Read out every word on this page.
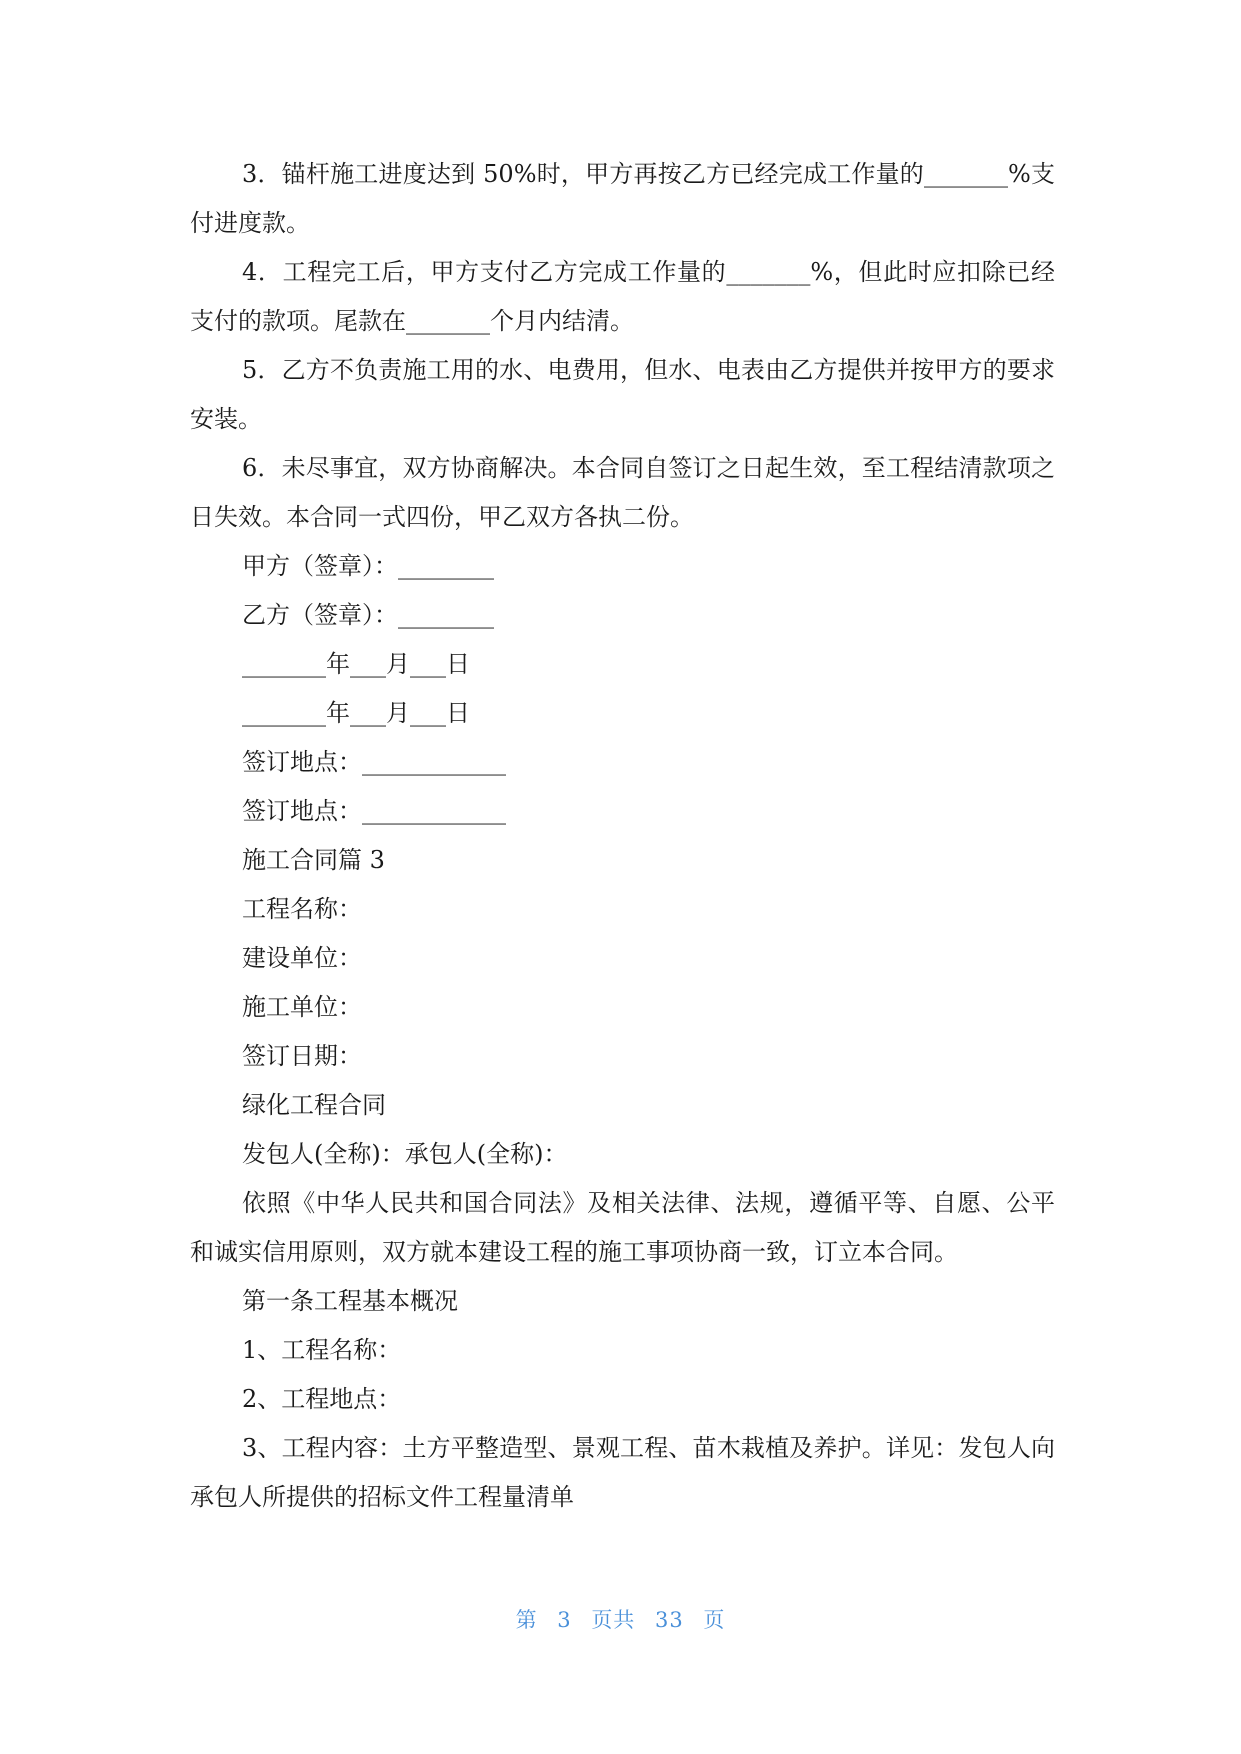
3．锚杆施工进度达到 50%时，甲方再按乙方已经完成工作量的_______%支付进度款。

4．工程完工后，甲方支付乙方完成工作量的_______%，但此时应扣除已经支付的款项。尾款在_______个月内结清。

5．乙方不负责施工用的水、电费用，但水、电表由乙方提供并按甲方的要求安装。

6．未尽事宜，双方协商解决。本合同自签订之日起生效，至工程结清款项之日失效。本合同一式四份，甲乙双方各执二份。

甲方（签章）：________

乙方（签章）：________

_______年___月___日

_______年___月___日

签订地点：____________

签订地点：____________

施工合同篇 3

工程名称：

建设单位：

施工单位：

签订日期：

绿化工程合同

发包人(全称)：承包人(全称)：

依照《中华人民共和国合同法》及相关法律、法规，遵循平等、自愿、公平和诚实信用原则，双方就本建设工程的施工事项协商一致，订立本合同。

第一条工程基本概况

1、工程名称：

2、工程地点：

3、工程内容：土方平整造型、景观工程、苗木栽植及养护。详见：发包人向承包人所提供的招标文件工程量清单

第 3 页共 33 页
